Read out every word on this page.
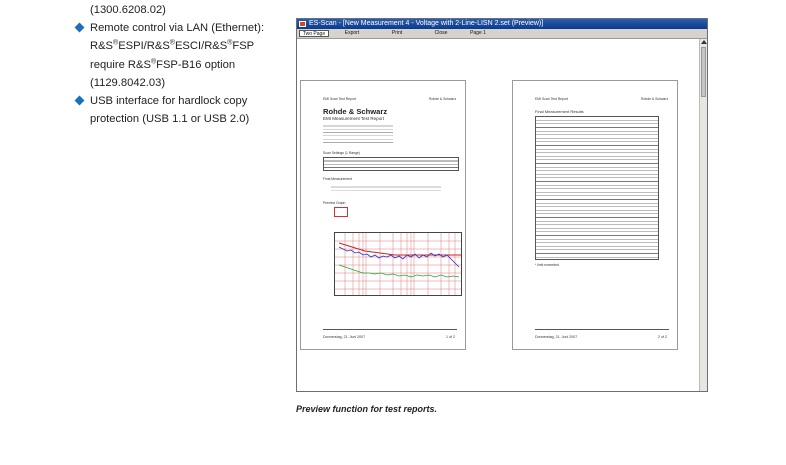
(1300.6208.02)

Remote control via LAN (Ethernet):

R&S®ESPI/R&S®ESCI/R&S®FSP

require R&S®FSP-B16 option

(1129.8042.03)

USB interface for hardlock copy

protection (USB 1.1 or USB 2.0)

ES-Scan - [New Measurement 4 - Voltage with 2-Line-LISN 2.set (Preview)]
Two Page	Export	Print	Close	Page 1
EMI Scan Test Report	Rohde & Schwarz
Rohde & Schwarz
EMI Measurement Test Report
Scan Settings (1 Range)
Final Measurement
Preview Graph
Donnerstag, 21. Juni 2007	1 of 2
EMI Scan Test Report	Rohde & Schwarz
Final Measurement Results
* limit exceeded
Donnerstag, 21. Juni 2007	2 of 2
Preview function for test reports.
